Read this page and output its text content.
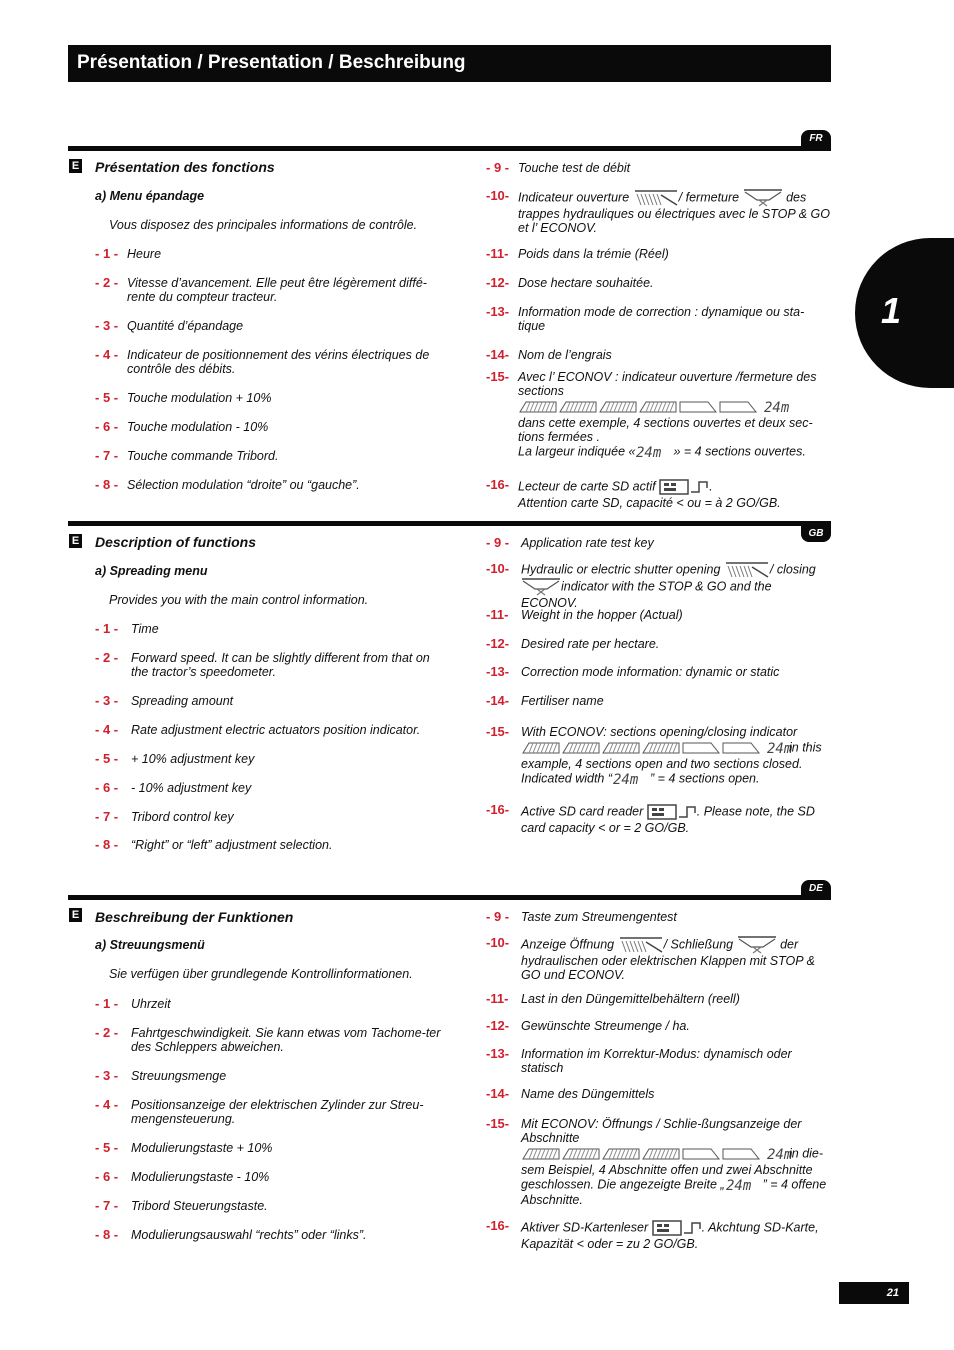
Présentation / Presentation / Beschreibung
1
FR
E Présentation des fonctions
a) Menu épandage
Vous disposez des principales informations de contrôle.
- 1 - Heure
- 2 - Vitesse d’avancement. Elle peut être légèrement diffé-rente du compteur tracteur.
- 3 - Quantité d’épandage
- 4 - Indicateur de positionnement des vérins électriques de contrôle des débits.
- 5 - Touche modulation + 10%
- 6 - Touche modulation - 10%
- 7 - Touche commande Tribord.
- 8 - Sélection modulation “droite” ou “gauche”.
- 9 - Touche test de débit
-10- Indicateur ouverture	/ fermeture	des trappes hydrauliques ou électriques avec le STOP & GO et l’ ECONOV.
-11- Poids dans la trémie (Réel)
-12- Dose hectare souhaitée.
-13- Information mode de correction : dynamique ou sta-tique
-14- Nom de l’engrais
-15- Avec l’ ECONOV : indicateur ouverture /fermeture des sections
24m

dans cette exemple, 4 sections ouvertes et deux sec-tions fermées .
La largeur indiquée « 24m » = 4 sections ouvertes.
-16- Lecteur de carte SD actif	.
Attention carte SD, capacité < ou = à 2 GO/GB.
GB
E Description of functions
a) Spreading menu
Provides you with the main control information.
- 1 -	Time
- 2 -	Forward speed. It can be slightly different from that on the tractor’s speedometer.
- 3 -	Spreading amount
- 4 -	Rate adjustment electric actuators position indicator.
- 5 -	+ 10% adjustment key
- 6 -	- 10% adjustment key
- 7 -	Tribord control key
- 8 -	“Right” or “left” adjustment selection.
- 9 - Application rate test key
-10- Hydraulic or electric shutter opening	/ closing

indicator with the STOP & GO and the ECONOV.
-11-	Weight in the hopper (Actual)
-12- Desired rate per hectare.
-13- Correction mode information: dynamic or static
-14- Fertiliser name
-15- With ECONOV: sections opening/closing indicator

24m
in this example, 4 sections open and two sections closed.
Indicated width “ 24m ” = 4 sections open.
-16- Active SD card reader	. Please note, the SD card capacity < or = 2 GO/GB.
DE
E Beschreibung der Funktionen
a) Streuungsmenü
Sie verfügen über grundlegende Kontrollinformationen.
- 1 -	Uhrzeit
- 2 -	Fahrtgeschwindigkeit. Sie kann etwas vom Tachome-ter des Schleppers abweichen.
- 3 -	Streuungsmenge
- 4 -	Positionsanzeige der elektrischen Zylinder zur Streu-mengensteuerung.
- 5 -	Modulierungstaste + 10%
- 6 -	Modulierungstaste - 10%
- 7 -	Tribord Steuerungstaste.
- 8 -	Modulierungsauswahl “rechts” oder “links”.
- 9 - Taste zum Streumengentest
-10- Anzeige Öffnung	/ Schließung	der hydraulischen oder elektrischen Klappen mit STOP & GO und ECONOV.
-11-	Last in den Düngemittelbehältern (reell)
-12- Gewünschte Streumenge / ha.
-13- Information im Korrektur-Modus: dynamisch oder statisch
-14- Name des Düngemittels
-15- Mit ECONOV: Öffnungs / Schlie-ßungsanzeige der Abschnitte

24m
in die-sem Beispiel, 4 Abschnitte offen und zwei Abschnitte geschlossen. Die angezeigte Breite „ 24m ” = 4 offene Abschnitte.
-16- Aktiver SD-Kartenleser	. Akchtung SD-Karte, Kapazität < oder = zu 2 GO/GB.
21
